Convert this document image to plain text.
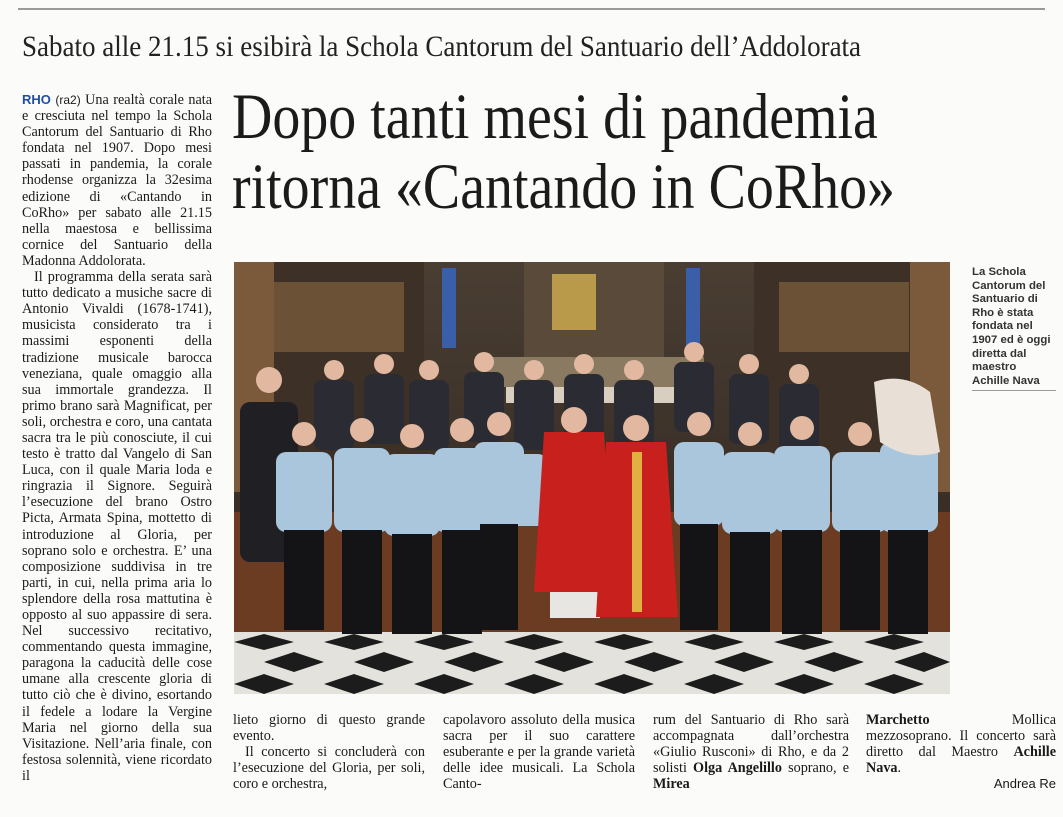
Sabato alle 21.15 si esibirà la Schola Cantorum del Santuario dell’Addolorata
Dopo tanti mesi di pandemia
ritorna «Cantando in CoRho»

RHO (ra2) Una realtà corale nata e cresciuta nel tempo la Schola Cantorum del Santuario di Rho fondata nel 1907. Dopo mesi passati in pandemia, la corale rhodense organizza la 32esima edizione di «Cantando in CoRho» per sabato alle 21.15 nella maestosa e bellissima cornice del Santuario della Madonna Addolorata.

Il programma della serata sarà tutto dedicato a musiche sacre di Antonio Vivaldi (1678-1741), musicista considerato tra i massimi esponenti della tradizione musicale barocca veneziana, quale omaggio alla sua immortale grandezza. Il primo brano sarà Magnificat, per soli, orchestra e coro, una cantata sacra tra le più conosciute, il cui testo è tratto dal Vangelo di San Luca, con il quale Maria loda e ringrazia il Signore. Seguirà l’esecuzione del brano Ostro Picta, Armata Spina, mottetto di introduzione al Gloria, per soprano solo e orchestra. E’ una composizione suddivisa in tre parti, in cui, nella prima aria lo splendore della rosa mattutina è opposto al suo appassire di sera. Nel successivo recitativo, commentando questa immagine, paragona la caducità delle cose umane alla crescente gloria di tutto ciò che è divino, esortando il fedele a lodare la Vergine Maria nel giorno della sua Visitazione. Nell’aria finale, con festosa solennità, viene ricordato il

La Schola Cantorum del Santuario di Rho è stata fondata nel 1907 ed è oggi diretta dal maestro Achille Nava

lieto giorno di questo grande evento.

Il concerto si concluderà con l’esecuzione del Gloria, per soli, coro e orchestra,

capolavoro assoluto della musica sacra per il suo carattere esuberante e per la grande varietà delle idee musicali. La Schola Canto-

rum del Santuario di Rho sarà accompagnata dall’orchestra «Giulio Rusconi» di Rho, e da 2 solisti Olga Angelillo soprano, e Mirea

Marchetto Mollica mezzosoprano. Il concerto sarà diretto dal Maestro Achille Nava.

Andrea Re
